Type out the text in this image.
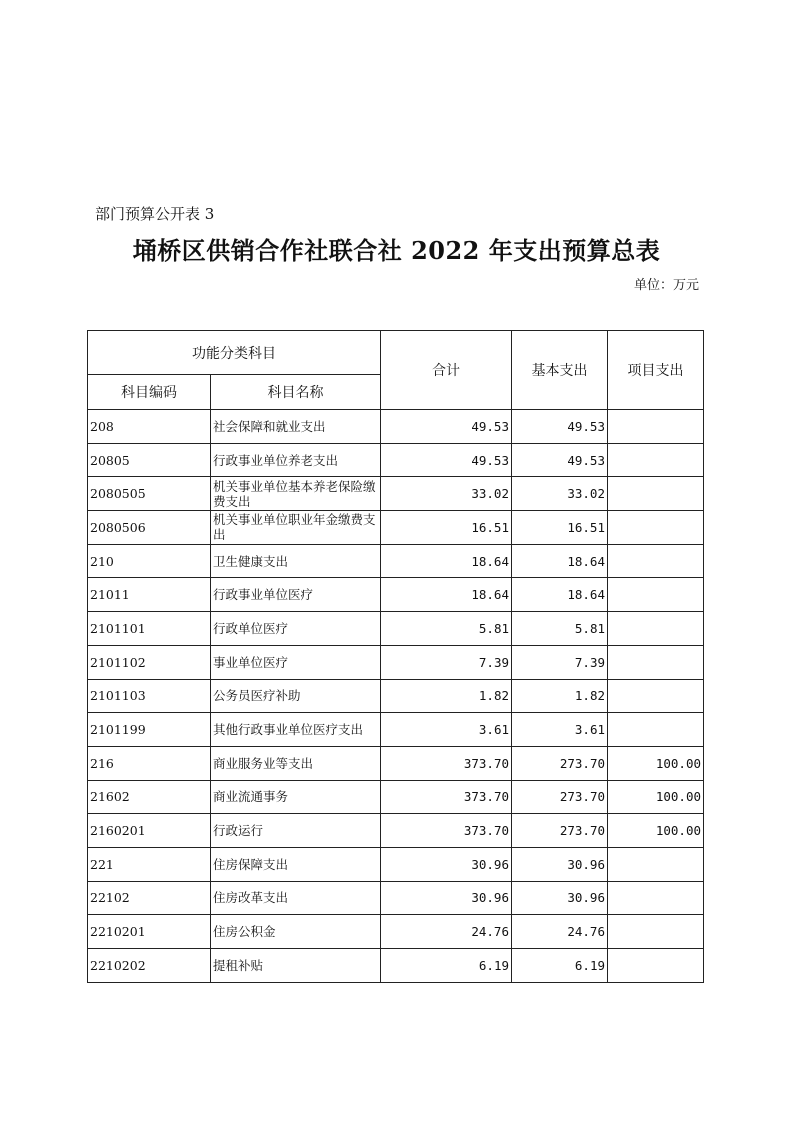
部门预算公开表 3
埇桥区供销合作社联合社 2022 年支出预算总表
单位：万元
功能分类科目		合计	基本支出	项目支出
科目编码	科目名称			
208	社会保障和就业支出	49.53	49.53	
20805	行政事业单位养老支出	49.53	49.53	
2080505	机关事业单位基本养老保险缴费支出	33.02	33.02	
2080506	机关事业单位职业年金缴费支出	16.51	16.51	
210	卫生健康支出	18.64	18.64	
21011	行政事业单位医疗	18.64	18.64	
2101101	行政单位医疗	5.81	5.81	
2101102	事业单位医疗	7.39	7.39	
2101103	公务员医疗补助	1.82	1.82	
2101199	其他行政事业单位医疗支出	3.61	3.61	
216	商业服务业等支出	373.70	273.70	100.00
21602	商业流通事务	373.70	273.70	100.00
2160201	行政运行	373.70	273.70	100.00
221	住房保障支出	30.96	30.96	
22102	住房改革支出	30.96	30.96	
2210201	住房公积金	24.76	24.76	
2210202	提租补贴	6.19	6.19	
